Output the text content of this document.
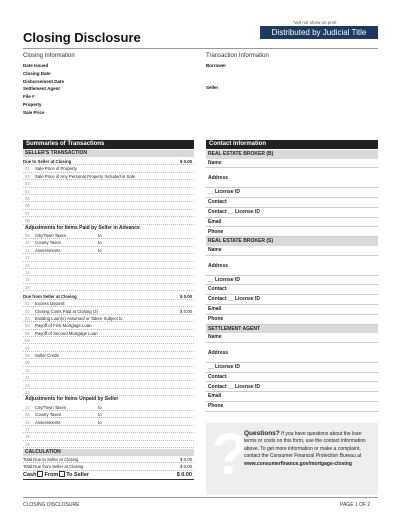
*will not show on print
Distributed by Judicial Title
Closing Disclosure
Closing Information
Date Issued
Closing Date
Disbursement Date
Settlement Agent
File #
Property
Sale Price
Transaction Information
Borrower
Seller
Summaries of Transactions
SELLER'S TRANSACTION
Due to Seller at Closing	$ 0.00
01 Sale Price of Property
02 Sale Price of Any Personal Property Included in Sale
03
04
05
06
07
08
Adjustments for Items Paid by Seller in Advance
09 City/Town Taxes	to
10 County Taxes	to
11 Assessments	to
12
13
14
15
16
Due from Seller at Closing	$ 0.00
01 Excess Deposit
02 Closing Costs Paid at Closing (J)	$ 0.00
03 Existing Loan(s) Assumed or Taken Subject to
04 Payoff of First Mortgage Loan
05 Payoff of Second Mortgage Loan
06
07
08 Seller Credit
09
10
11
12
13
Adjustments for Items Unpaid by Seller
14 City/Town Taxes	to
15 County Taxes	to
16 Assessments	to
17
18
19
CALCULATION
Total Due to Seller at Closing	$ 0.00
Total Due from Seller at Closing	$ 0.00
Cash From To Seller	$ 0.00
Contact Information
REAL ESTATE BROKER (B)
Name
Address
__ License ID
Contact
Contact __ License ID
Email
Phone
REAL ESTATE BROKER (S)
Name
Address
__ License ID
Contact
Contact __ License ID
Email
Phone
SETTLEMENT AGENT
Name
Address
__ License ID
Contact
Contact __ License ID
Email
Phone
?
Questions? If you have questions about the loan terms or costs on this form, use the contact information above. To get more information or make a complaint, contact the Consumer Financial Protection Bureau at www.consumerfinance.gov/mortgage-closing
CLOSING DISCLOSURE	PAGE 1 OF 2
